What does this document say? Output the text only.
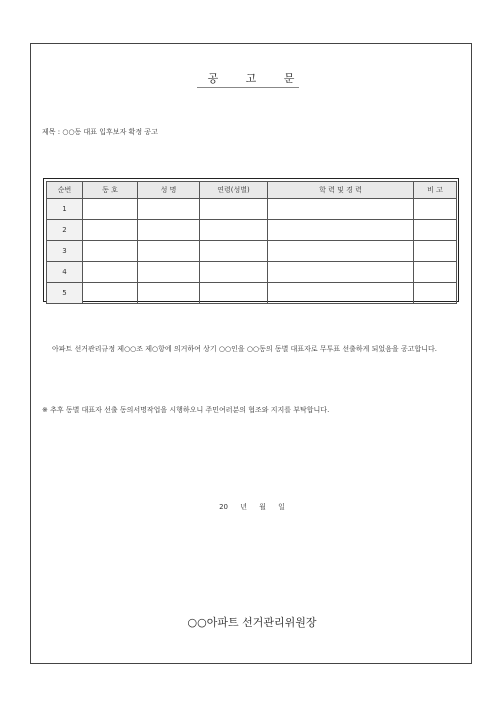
공 고 문
제목 : ○○동 대표 입후보자 확정 공고
순번	동 호	성 명	연령(성별)	학 력 및 경 력	비 고
1					
2					
3					
4					
5					
아파트 선거관리규정 제○○조 제○항에 의거하여 상기 ○○인을 ○○동의 동별 대표자로 무투표 선출하게 되었음을 공고합니다.
※ 추후 동별 대표자 선출 동의서명작업을 시행하오니 주민여러분의 협조와 지지를 부탁합니다.
20 년 월 일
○○아파트 선거관리위원장
